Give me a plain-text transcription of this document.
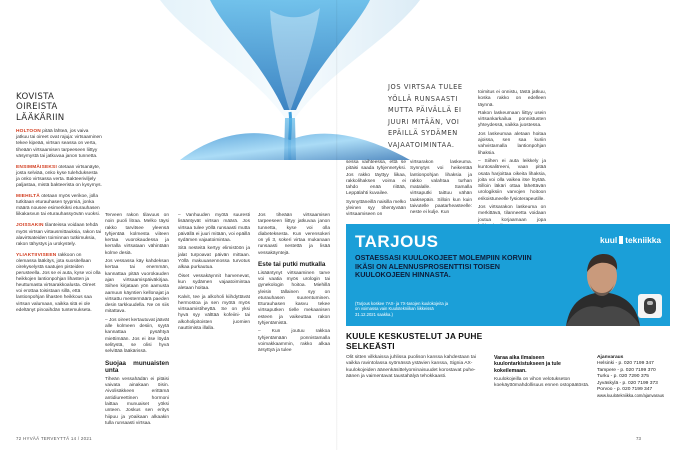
KOVISTA
OIREISTA
LÄÄKÄRIIN

HOLTOON pitää lähteä, jos vaiva jatkuu tai oireet ovat rajuja: virtsaaminen tekee kipeää, virtsan seassa on verta, tiheään virtsaamisen tarpeeseen liittyy väsymystä tai jatkuvaa janon tunnetta.

ENSIMMÄISEKSI otetaan virtsanäyte, josta selviää, onko kyse tulehduksesta ja onko virtsassa verta. Bakteeriviljely paljastaa, mistä bakteerista on kysymys.

MIEHILTÄ otetaan myös verikoe, jolla tutkitaan eturauhasen tyypmiä, jonka määrä nousee esimerkiksi eturauhasen liikakasvun tai eturauhassyövän vuoksi.

JOISSAKIN tilanteissa voidaan tehdä myös virtsan virtausmittauksia, rakon tai alavirtsateiden toiminnan tutkimuksia, rakon tähystys ja urokystely.

YLIAKTIIVISEEN rakkoon on olemassa lääkitys, jota suositellaan oirekyselystä saatujen pisteiden perusteella. Jos se ei auta, kyse voi olla heikkojen lantionpohjan lihasten ja heuttumasta virtsarakkoalusta. Oireet voi erottaa toisistaan sillä, että lantionpohjan lihasten heikkous saa virtsan valumaan, vaikka sitä ei ole edeltänyt pinoaihdän tuntemukseta.

Terveen rakon tilavuus on noin puoli litraa. Melko täysi rakko tarvitsee yleensä tyhjentää kolmesta viiteen kertaa vuorokaudessa ja kerralla virtsataan vähintään kolme desiä.

Jos vessassa käy kahdeksan kertaa tai enemmän, kannattaa pitää vuorokauden ajan virtsaamispäiväkirjaa. Siihen kirjataan yön aamusta aamuun käyntien kellonajat ja virtsattu mestermäärä paeden desin tarkkuudella. Ne on siis mitattava.

– Jos oireet kertautuvat jäävät alle kolmeen desiin, syytä kannattaa pysähtyä miettimään. Jos ei itse löydä selitystä, se olisi hyvä selvittää lääkärissä.

Suojaa munuaisten unta

Tiheän vessahädän ei pitäisi vaivata ainakaan öisin. Aivolisäkkeen erittämä antidiureettinen hormoni laittaa munuaiset yöksi unteen. Joskus sen eritys hiipuu ja yöaikaan alkaakin tulla runsaasti virtsaa.

– Vanhuuden myötä suuresti lisääntyvät virtsan määrä. Jos virtsaa tulee yöllä runsaasti mutta päivällä ei juuri mitään, voi epäillä sydämen vajaatoimintaa.

Sitä nesteitä kertyy elimistöön ja jalat turpoavat päivän mittaan. Yöllä makuuasennossa turvotus alkaa purkautua.

Öiset vessakäynnit harvenevat, kun sydämen vajaatoimintaa aletaan hoitaa.

Kalvit, tee ja alkoholi kiihdyttävät hermostoa ja sen myötä myös virtsaamistiheyttä. Se on yksi hyvä syy välttää kofeiini- tai alkoholipitoisten juomien nauttimista illalla.

Jos tiheään virtsaamisen tarpeeseen liittyy jatkuvaa janon tunnetta, kyse voi olla diabeteksesta. Kun verensokeri on yli 3, sokeri virtaa mukanaan runsaasti nestettä ja lisää vessakäyntejä.

Este tai putki mutkalla

Lisääntynyt virtsaaminen tarve voi vaatia myös urologin tai gynekologin hoitoa. Miehillä yleisin tällainen syy on eturauhasen suurentuminen. Eturauhasen kasvu tekee virtsaputken tielle mekaanisen esteen ja vaikeuttaa rakon tyhjentämistä.

– Kun joutuu rakkoa tyhjentämään ponnistamalla voimakkaammin, rakko alkaa ärsyttyä ja tulee

JOS VIRTSAA TULEE YÖLLÄ RUNSAASTI MUTTA PÄIVÄLLÄ EI JUURI MITÄÄN, VOI EPÄILLÄ SYDÄMEN VAJAATOIMINTAA.

sessa vaihteessa, että se pitäisi saada tyhjennetyksi. Jos rakko täyttyy liikaa, rakkolihaksen voima ei tahdo enää riittää, Leppälahti kuvailee.

Synnyttäneillä naisilla melko yleinen syy tihentyvään virtsaamiseen on

virtsarakon laskeuma. Synnytys voi heikentää lantionpohjan lihaksia ja rakko valahtaa turhan matalalle. Samalla virtsaputki taittuu vähän taaksepäin. Silloin kun kuin taivutelle paatarheasteelle: neste ei kulje. Kun

toimitus ei onnistu, tästä jatkuu, koska rakko on edelleen täynnä.

Rakon laskeumaan liittyy usein virtsankarkailua ponnistusten yhteydessä, vaikka juostessa.

Jos laskeumaa aletaan hoitaa ajoissa, sen saa kuriin vahvistamalla lantionpohjan lihaksia.

– Siihen ei auta leikkely ja kuntosalitreeni, vaan pitää osata harjoittaa oikeita lihaksia, joita voi olla vaikea itse löytää. Silloin läkäri ottaa lähettävän urologiksiin varvojen hoitoon erikoistuneelle fysioterapeutille.

Jos virtsarakon laskeuma on merkittävä, tilanneetta voidaan joutua korjaamaan jopa

TARJOUS
OSTAESSASI KUULOKOJEET MOLEMPIIN KORVIIN IKÄSI ON ALENNUSPROSENTTISI TOISEN KUULOKOJEEN HINNASTA.
(Tarjous koskee 7AX- ja 7X-tasojen kuulokojeita ja on voimassa vain Kuulotekniikan liikkeissä 31.12.2021 saakka.)
kuul tekniikka
KUULE KESKUSTELUT JA PUHE SELKEÄSTI
Olit sitten vilkkaissa juhlissa puolison kanssa kahdestaan tai vaikka ravintolassa syömässä ystävien kanssa, Signia AX-kuulokojeiden äänenkäsittelyominaisuudet korostavat puheäänen ja vaimentavat taustahälyä tehokkaasti.
Varaa aika ilmaiseen kuulontarkistukseen ja tule kokeilemaan.
Kuulokojeilla on vihon velotukseton koekäyttömahdollisuus ennen ostopäätöstä.
Ajanvaraus
Helsinki - p. 020 7199 347
Tampere - p. 020 7199 370
Turku - p. 020 7290 375
Jyväskylä - p. 020 7199 373
Porvoo - p. 020 7199 347
www.kuulotekniikka.com/ajanvaraus
72 HYVÄÄ TERVEYTTÄ 14 / 2021	73
